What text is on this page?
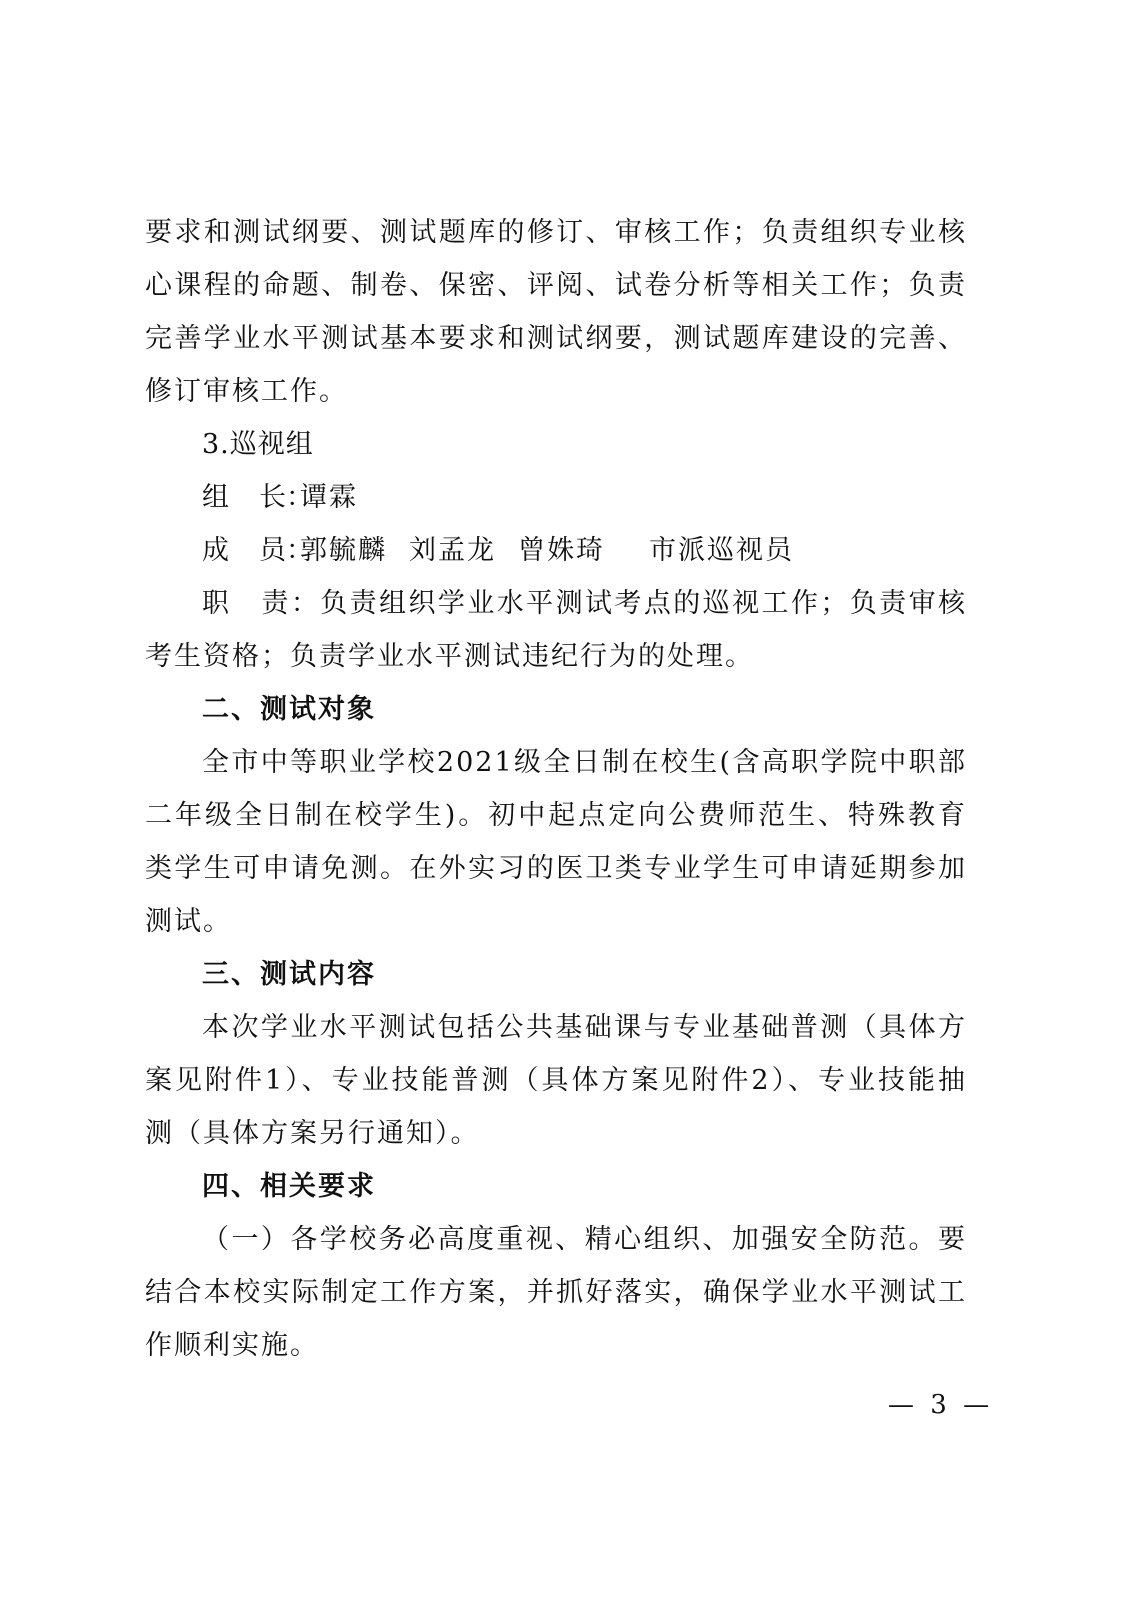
要求和测试纲要、测试题库的修订、审核工作；负责组织专业核心课程的命题、制卷、保密、评阅、试卷分析等相关工作；负责完善学业水平测试基本要求和测试纲要，测试题库建设的完善、修订审核工作。

3.巡视组

组 长：谭霖

成 员：郭毓麟 刘孟龙 曾姝琦 市派巡视员

职 责：负责组织学业水平测试考点的巡视工作；负责审核考生资格；负责学业水平测试违纪行为的处理。

二、测试对象

全市中等职业学校2021级全日制在校生(含高职学院中职部二年级全日制在校学生)。初中起点定向公费师范生、特殊教育类学生可申请免测。在外实习的医卫类专业学生可申请延期参加测试。

三、测试内容

本次学业水平测试包括公共基础课与专业基础普测（具体方案见附件1）、专业技能普测（具体方案见附件2）、专业技能抽测（具体方案另行通知）。

四、相关要求

（一）各学校务必高度重视、精心组织、加强安全防范。要结合本校实际制定工作方案，并抓好落实，确保学业水平测试工作顺利实施。

— 3 —
